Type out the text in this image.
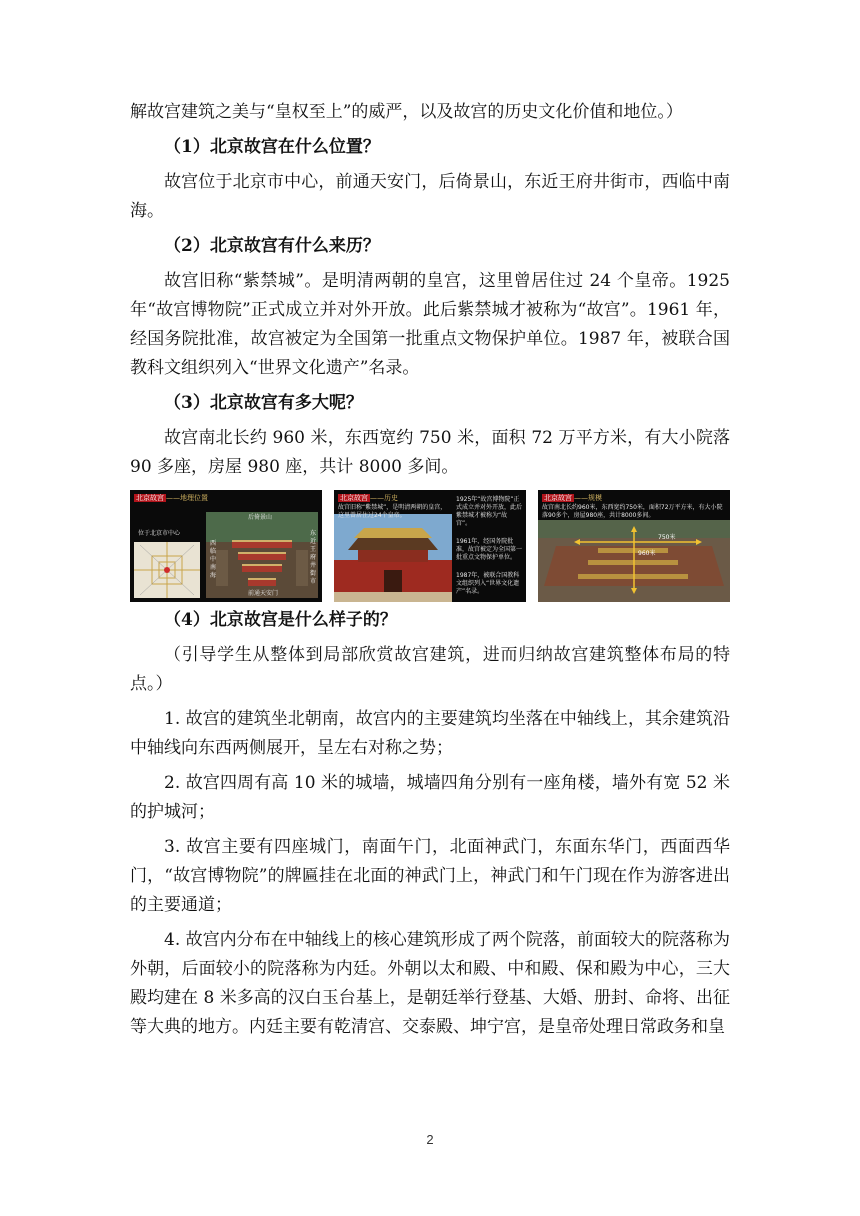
解故宫建筑之美与“皇权至上”的威严，以及故宫的历史文化价值和地位。）

（1）北京故宫在什么位置？

故宫位于北京市中心，前通天安门，后倚景山，东近王府井街市，西临中南海。

（2）北京故宫有什么来历？

故宫旧称“紫禁城”。是明清两朝的皇宫，这里曾居住过 24 个皇帝。1925 年“故宫博物院”正式成立并对外开放。此后紫禁城才被称为“故宫”。1961 年，经国务院批准，故宫被定为全国第一批重点文物保护单位。1987 年，被联合国教科文组织列入“世界文化遗产”名录。

（3）北京故宫有多大呢？

故宫南北长约 960 米，东西宽约 750 米，面积 72 万平方米，有大小院落 90 多座，房屋 980 座，共计 8000 多间。

北京故宫 ——地理位置
位于北京市中心
后倚景山
西临中南海
东近王府井街市
前通天安门
北京故宫 ——历史
故宫旧称“紫禁城”，是明清两朝的皇宫，这里曾居住过24个皇帝。
1925年“故宫博物院”正式成立并对外开放，此后紫禁城才被称为“故宫”。
1961年，经国务院批准，故宫被定为全国第一批重点文物保护单位。
1987年，被联合国教科文组织列入“世界文化遗产”名录。
北京故宫 ——规模
故宫南北长约960米，东西宽约750米，面积72万平方米，有大小院落90多个，房屋980座，共计8000多间。
750米
960米

（4）北京故宫是什么样子的？

（引导学生从整体到局部欣赏故宫建筑，进而归纳故宫建筑整体布局的特点。）

1. 故宫的建筑坐北朝南，故宫内的主要建筑均坐落在中轴线上，其余建筑沿中轴线向东西两侧展开，呈左右对称之势；

2. 故宫四周有高 10 米的城墙，城墙四角分别有一座角楼，墙外有宽 52 米的护城河；

3. 故宫主要有四座城门，南面午门，北面神武门，东面东华门，西面西华门，“故宫博物院”的牌匾挂在北面的神武门上，神武门和午门现在作为游客进出的主要通道；

4. 故宫内分布在中轴线上的核心建筑形成了两个院落，前面较大的院落称为外朝，后面较小的院落称为内廷。外朝以太和殿、中和殿、保和殿为中心，三大殿均建在 8 米多高的汉白玉台基上，是朝廷举行登基、大婚、册封、命将、出征等大典的地方。内廷主要有乾清宫、交泰殿、坤宁宫，是皇帝处理日常政务和皇

2
